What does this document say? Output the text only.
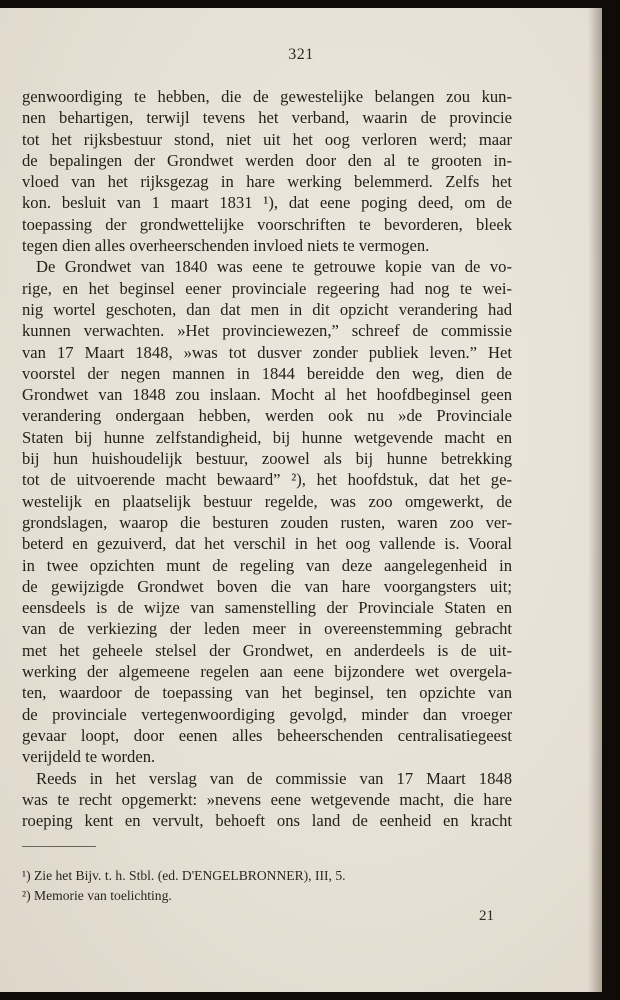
321
genwoordiging te hebben, die de gewestelijke belangen zou kun-
nen behartigen, terwijl tevens het verband, waarin de provincie
tot het rijksbestuur stond, niet uit het oog verloren werd; maar
de bepalingen der Grondwet werden door den al te grooten in-
vloed van het rijksgezag in hare werking belemmerd. Zelfs het
kon. besluit van 1 maart 1831 ¹), dat eene poging deed, om de
toepassing der grondwettelijke voorschriften te bevorderen, bleek
tegen dien alles overheerschenden invloed niets te vermogen.
De Grondwet van 1840 was eene te getrouwe kopie van de vo-
rige, en het beginsel eener provinciale regeering had nog te wei-
nig wortel geschoten, dan dat men in dit opzicht verandering had
kunnen verwachten. »Het provinciewezen,” schreef de commissie
van 17 Maart 1848, »was tot dusver zonder publiek leven.” Het
voorstel der negen mannen in 1844 bereidde den weg, dien de
Grondwet van 1848 zou inslaan. Mocht al het hoofdbeginsel geen
verandering ondergaan hebben, werden ook nu »de Provinciale
Staten bij hunne zelfstandigheid, bij hunne wetgevende macht en
bij hun huishoudelijk bestuur, zoowel als bij hunne betrekking
tot de uitvoerende macht bewaard” ²), het hoofdstuk, dat het ge-
westelijk en plaatselijk bestuur regelde, was zoo omgewerkt, de
grondslagen, waarop die besturen zouden rusten, waren zoo ver-
beterd en gezuiverd, dat het verschil in het oog vallende is. Vooral
in twee opzichten munt de regeling van deze aangelegenheid in
de gewijzigde Grondwet boven die van hare voorgangsters uit;
eensdeels is de wijze van samenstelling der Provinciale Staten en
van de verkiezing der leden meer in overeenstemming gebracht
met het geheele stelsel der Grondwet, en anderdeels is de uit-
werking der algemeene regelen aan eene bijzondere wet overgela-
ten, waardoor de toepassing van het beginsel, ten opzichte van
de provinciale vertegenwoordiging gevolgd, minder dan vroeger
gevaar loopt, door eenen alles beheerschenden centralisatiegeest
verijdeld te worden.
Reeds in het verslag van de commissie van 17 Maart 1848
was te recht opgemerkt: »nevens eene wetgevende macht, die hare
roeping kent en vervult, behoeft ons land de eenheid en kracht
¹) Zie het Bijv. t. h. Stbl. (ed. D'ENGELBRONNER), III, 5.
²) Memorie van toelichting.
21
